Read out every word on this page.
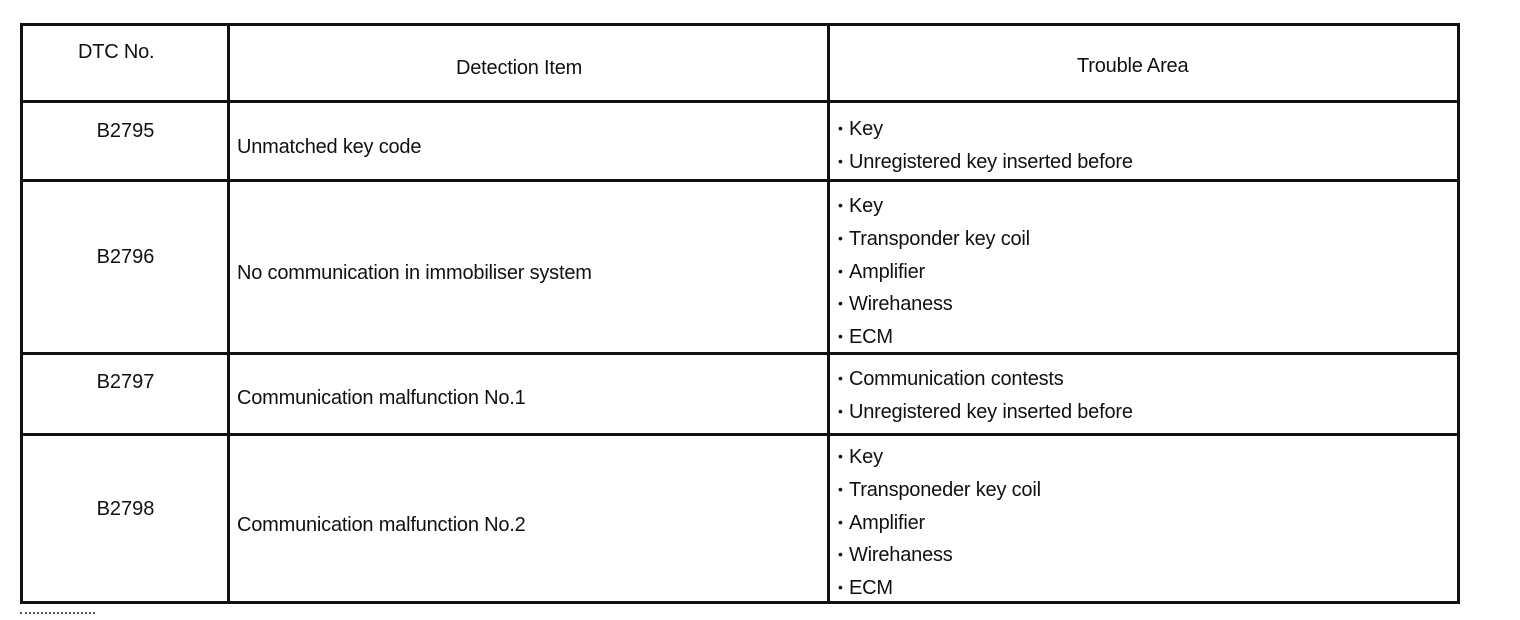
DTC No.
Detection Item	Trouble Area
B2795
Unmatched key code
• Key
• Unregistered key inserted before
B2796
No communication in immobiliser system
• Key
• Transponder key coil
• Amplifier
• Wirehaness
• ECM
B2797
Communication malfunction No.1
• Communication contests
• Unregistered key inserted before
B2798
Communication malfunction No.2
• Key
• Transponeder key coil
• Amplifier
• Wirehaness
• ECM
